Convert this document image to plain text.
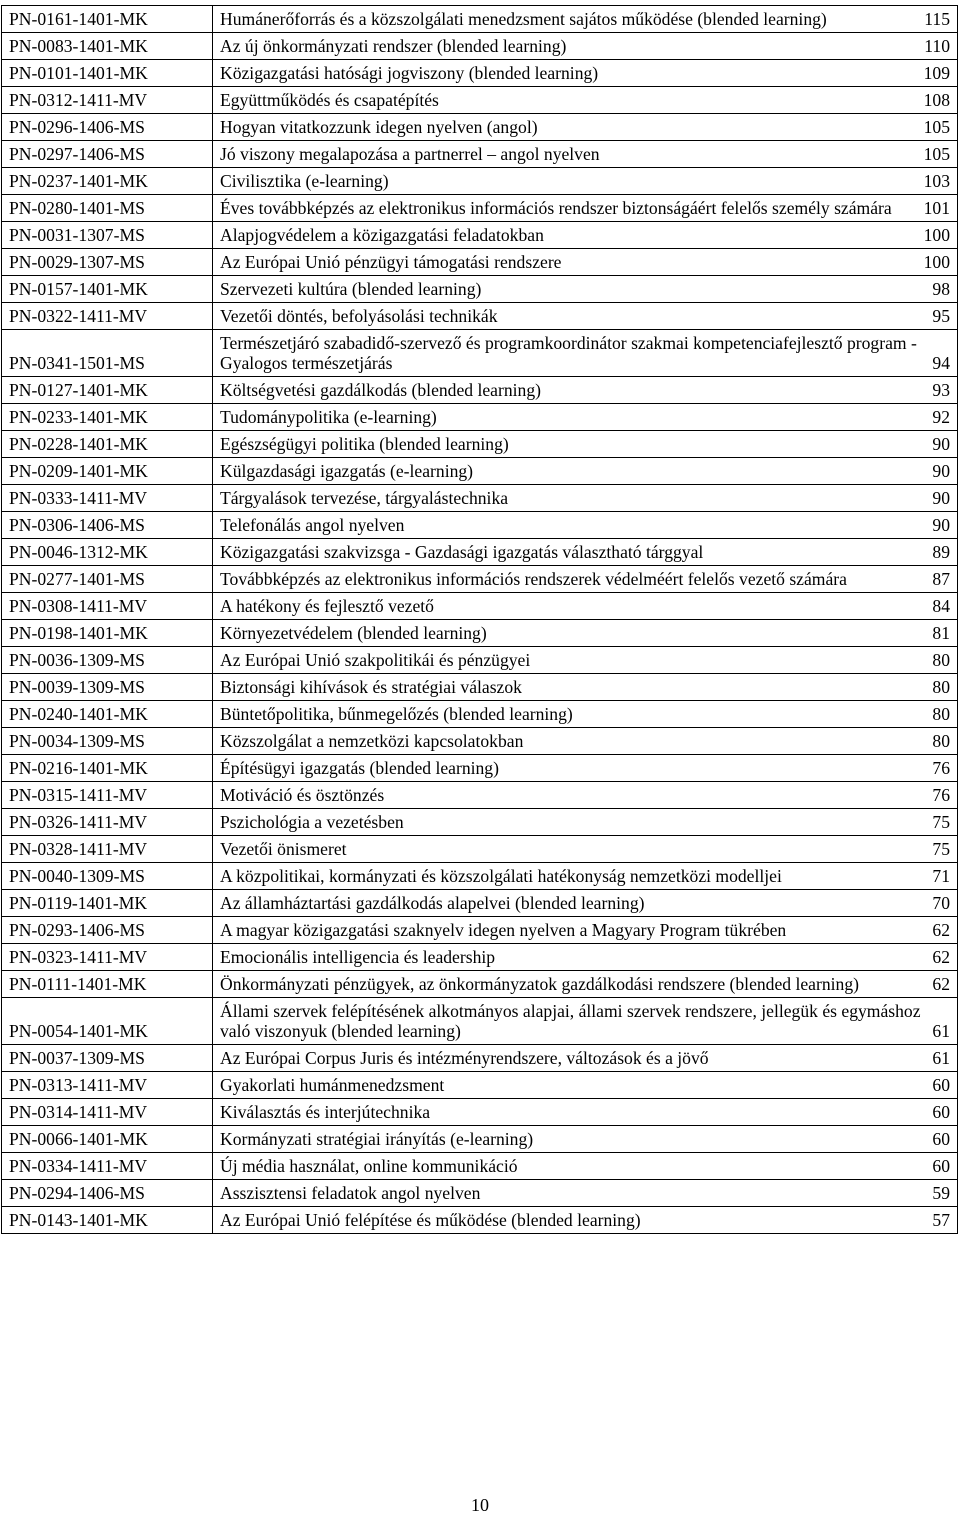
PN-0161-1401-MK	Humánerőforrás és a közszolgálati menedzsment sajátos működése (blended learning) 115

PN-0083-1401-MK	Az új önkormányzati rendszer (blended learning) 110

PN-0101-1401-MK	Közigazgatási hatósági jogviszony (blended learning) 109

PN-0312-1411-MV	Együttműködés és csapatépítés 108

PN-0296-1406-MS	Hogyan vitatkozzunk idegen nyelven (angol) 105

PN-0297-1406-MS	Jó viszony megalapozása a partnerrel – angol nyelven 105

PN-0237-1401-MK	Civilisztika (e-learning) 103

PN-0280-1401-MS	Éves továbbképzés az elektronikus információs rendszer biztonságáért felelős személy számára 101

PN-0031-1307-MS	Alapjogvédelem a közigazgatási feladatokban 100

PN-0029-1307-MS	Az Európai Unió pénzügyi támogatási rendszere 100

PN-0157-1401-MK	Szervezeti kultúra (blended learning) 98

PN-0322-1411-MV	Vezetői döntés, befolyásolási technikák 95

PN-0341-1501-MS	Természetjáró szabadidő-szervező és programkoordinátor szakmai kompetenciafejlesztő program - Gyalogos természetjárás 94

PN-0127-1401-MK	Költségvetési gazdálkodás (blended learning) 93

PN-0233-1401-MK	Tudománypolitika (e-learning) 92

PN-0228-1401-MK	Egészségügyi politika (blended learning) 90

PN-0209-1401-MK	Külgazdasági igazgatás (e-learning) 90

PN-0333-1411-MV	Tárgyalások tervezése, tárgyalástechnika 90

PN-0306-1406-MS	Telefonálás angol nyelven 90

PN-0046-1312-MK	Közigazgatási szakvizsga - Gazdasági igazgatás választható tárggyal 89

PN-0277-1401-MS	Továbbképzés az elektronikus információs rendszerek védelméért felelős vezető számára 87

PN-0308-1411-MV	A hatékony és fejlesztő vezető 84

PN-0198-1401-MK	Környezetvédelem (blended learning) 81

PN-0036-1309-MS	Az Európai Unió szakpolitikái és pénzügyei 80

PN-0039-1309-MS	Biztonsági kihívások és stratégiai válaszok 80

PN-0240-1401-MK	Büntetőpolitika, bűnmegelőzés (blended learning) 80

PN-0034-1309-MS	Közszolgálat a nemzetközi kapcsolatokban 80

PN-0216-1401-MK	Építésügyi igazgatás (blended learning) 76

PN-0315-1411-MV	Motiváció és ösztönzés 76

PN-0326-1411-MV	Pszichológia a vezetésben 75

PN-0328-1411-MV	Vezetői önismeret 75

PN-0040-1309-MS	A közpolitikai, kormányzati és közszolgálati hatékonyság nemzetközi modelljei 71

PN-0119-1401-MK	Az államháztartási gazdálkodás alapelvei (blended learning) 70

PN-0293-1406-MS	A magyar közigazgatási szaknyelv idegen nyelven a Magyary Program tükrében 62

PN-0323-1411-MV	Emocionális intelligencia és leadership 62

PN-0111-1401-MK	Önkormányzati pénzügyek, az önkormányzatok gazdálkodási rendszere (blended learning) 62

PN-0054-1401-MK	Állami szervek felépítésének alkotmányos alapjai, állami szervek rendszere, jellegük és egymáshoz való viszonyuk (blended learning) 61

PN-0037-1309-MS	Az Európai Corpus Juris és intézményrendszere, változások és a jövő 61

PN-0313-1411-MV	Gyakorlati humánmenedzsment 60

PN-0314-1411-MV	Kiválasztás és interjútechnika 60

PN-0066-1401-MK	Kormányzati stratégiai irányítás (e-learning) 60

PN-0334-1411-MV	Új média használat, online kommunikáció 60

PN-0294-1406-MS	Asszisztensi feladatok angol nyelven 59

PN-0143-1401-MK	Az Európai Unió felépítése és működése (blended learning) 57
10
